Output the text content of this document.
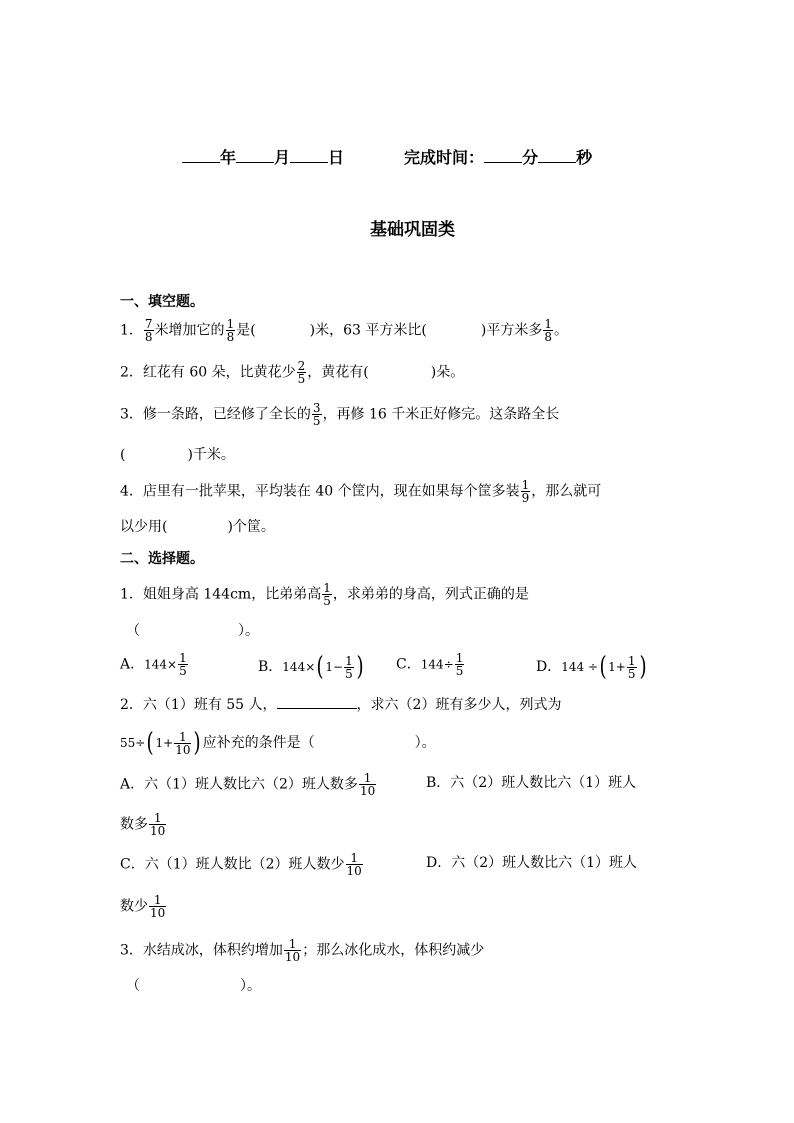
年 月 日	完成时间： 分 秒
基础巩固类
一、填空题。
1． $\frac{7}{8}$ 米增加它的 $\frac{1}{8}$ 是(	)米，63 平方米比(	)平方米多 $\frac{1}{8}$ 。
2．红花有 60 朵，比黄花少 $\frac{2}{5}$ ，黄花有(	)朵。
3．修一条路，已经修了全长的 $\frac{3}{5}$ ，再修 16 千米正好修完。这条路全长
(	)千米。
4．店里有一批苹果，平均装在 40 个筐内，现在如果每个筐多装 $\frac{1}{9}$ ，那么就可
以少用(	)个筐。
二、选择题。
1．姐姐身高 144cm，比弟弟高 $\frac{1}{5}$ ，求弟弟的身高，列式正确的是
（	）。
A．$144\times \frac{1}{5}$	B．144×( $1- \frac{1}{5}$ ) C．$144\div \frac{1}{5}$	D．144 ÷( $1+ \frac{1}{5}$ )
2．六（1）班有 55 人，	，求六（2）班有多少人，列式为
55÷( $1+ \frac{1}{10}$ ) 应补充的条件是（	）。
A．六（1）班人数比六（2）班人数多 $\frac{1}{10}$	B．六（2）班人数比六（1）班人
数多 $\frac{1}{10}$
C．六（1）班人数比（2）班人数少 $\frac{1}{10}$	D．六（2）班人数比六（1）班人
数少 $\frac{1}{10}$
3．水结成冰，体积约增加 $\frac{1}{10}$ ；那么冰化成水，体积约减少
（	）。
